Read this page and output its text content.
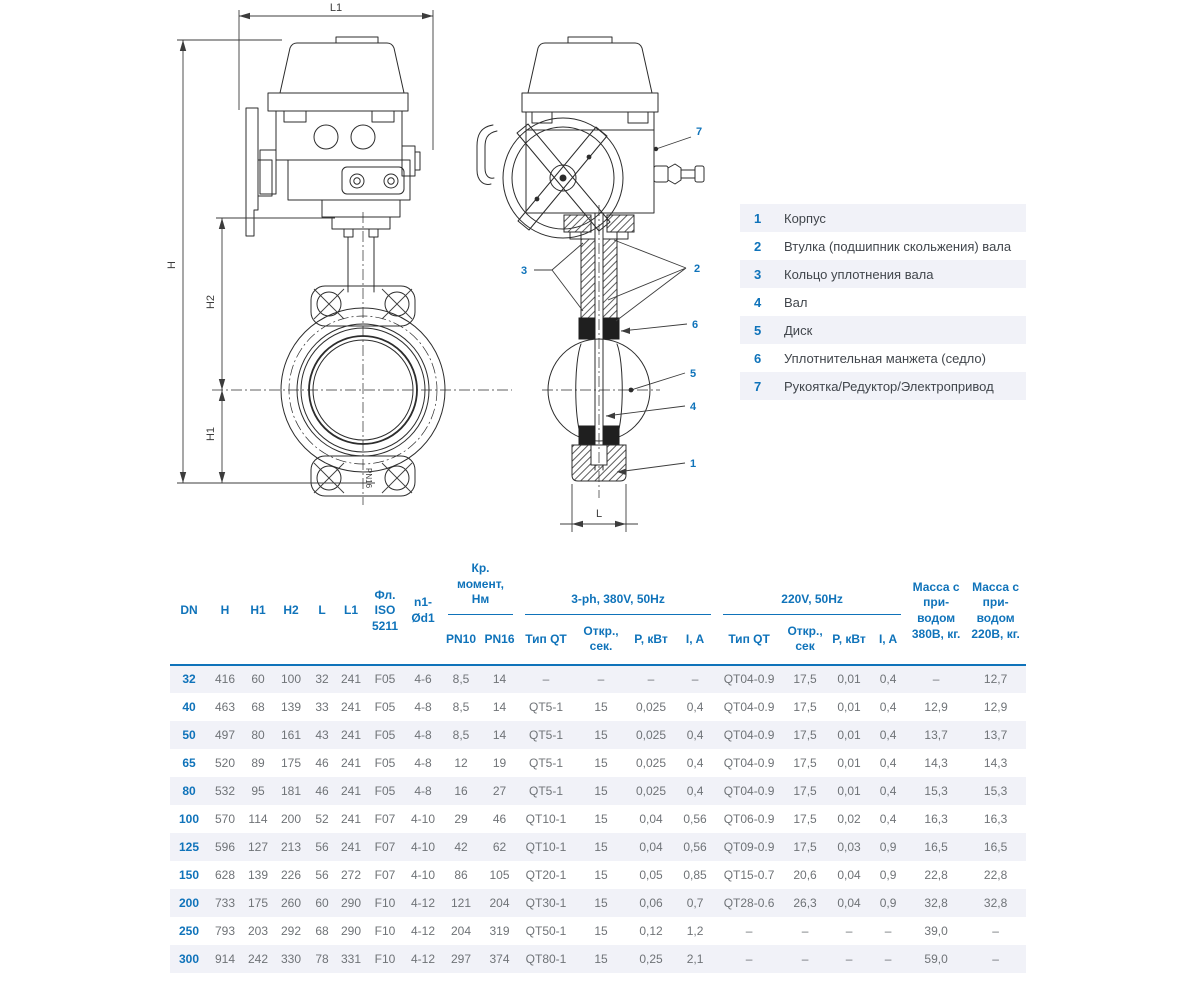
PN16
L1
H
H2
H1
L
7
3	2
6
5
4
1
1	Корпус
2	Втулка (подшипник скольжения) вала
3	Кольцо уплотнения вала
4	Вал
5	Диск
6	Уплотнительная манжета (седло)
7	Рукоятка/Редуктор/Электропривод
DN	H	H1	H2	L	L1	Фл. ISO 5211	n1-Ød1	Кр. момент, Нм		3-ph, 380V, 50Hz				220V, 50Hz				Масса с приводом 380В, кг.	Масса с приводом 220В, кг.
								PN10	PN16	Тип QT	Откр., сек.	P, кВт	I, A	Тип QT	Откр., сек	P, кВт	I, A		
32	416	60	100	32	241	F05	4-6	8,5	14	–	–	–	–	QT04-0.9	17,5	0,01	0,4	–	12,7
40	463	68	139	33	241	F05	4-8	8,5	14	QT5-1	15	0,025	0,4	QT04-0.9	17,5	0,01	0,4	12,9	12,9
50	497	80	161	43	241	F05	4-8	8,5	14	QT5-1	15	0,025	0,4	QT04-0.9	17,5	0,01	0,4	13,7	13,7
65	520	89	175	46	241	F05	4-8	12	19	QT5-1	15	0,025	0,4	QT04-0.9	17,5	0,01	0,4	14,3	14,3
80	532	95	181	46	241	F05	4-8	16	27	QT5-1	15	0,025	0,4	QT04-0.9	17,5	0,01	0,4	15,3	15,3
100	570	114	200	52	241	F07	4-10	29	46	QT10-1	15	0,04	0,56	QT06-0.9	17,5	0,02	0,4	16,3	16,3
125	596	127	213	56	241	F07	4-10	42	62	QT10-1	15	0,04	0,56	QT09-0.9	17,5	0,03	0,9	16,5	16,5
150	628	139	226	56	272	F07	4-10	86	105	QT20-1	15	0,05	0,85	QT15-0.7	20,6	0,04	0,9	22,8	22,8
200	733	175	260	60	290	F10	4-12	121	204	QT30-1	15	0,06	0,7	QT28-0.6	26,3	0,04	0,9	32,8	32,8
250	793	203	292	68	290	F10	4-12	204	319	QT50-1	15	0,12	1,2	–	–	–	–	39,0	–
300	914	242	330	78	331	F10	4-12	297	374	QT80-1	15	0,25	2,1	–	–	–	–	59,0	–
